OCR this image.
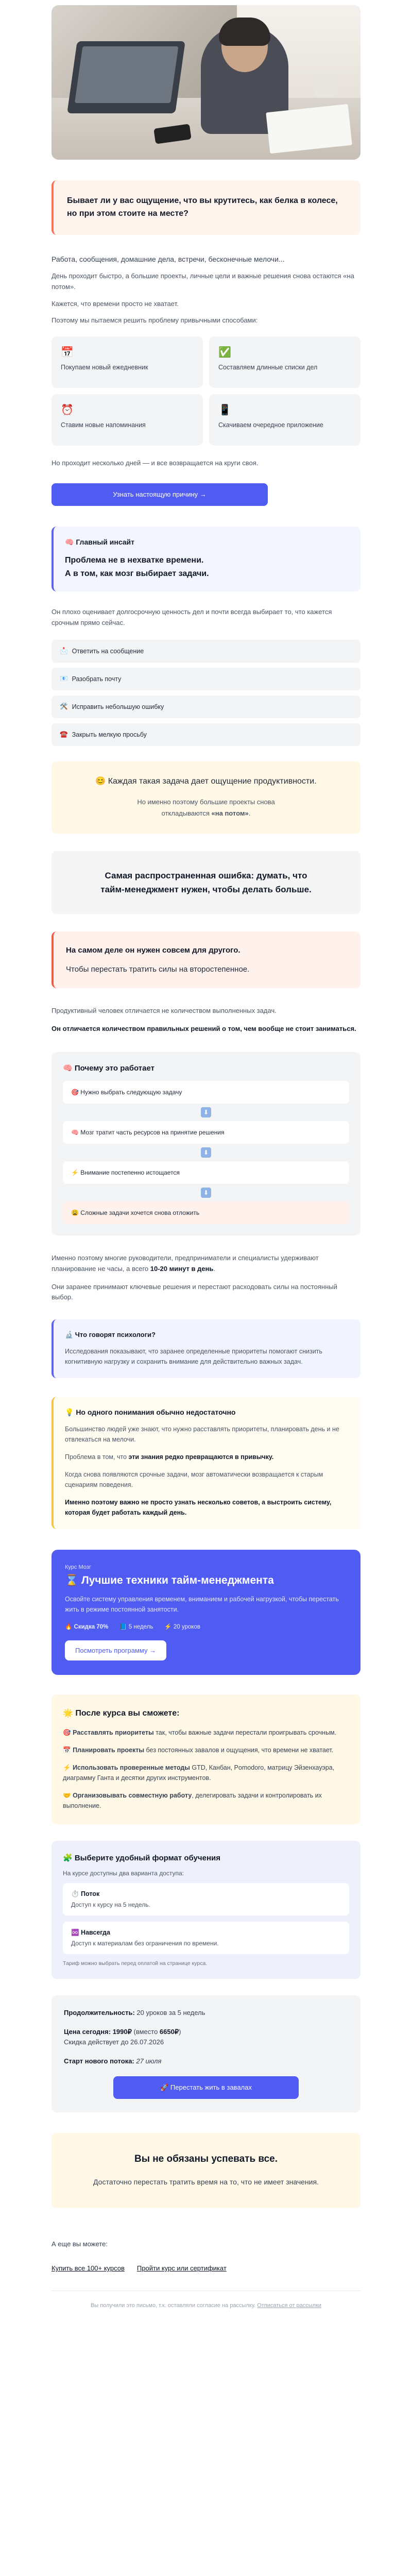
Бывает ли у вас ощущение, что вы крутитесь, как белка в колесе, но при этом стоите на месте?

Работа, сообщения, домашние дела, встречи, бесконечные мелочи...

День проходит быстро, а большие проекты, личные цели и важные решения снова остаются «на потом».

Кажется, что времени просто не хватает.

Поэтому мы пытаемся решить проблему привычными способами:

📅
Покупаем новый ежедневник
✅
Составляем длинные списки дел
⏰
Ставим новые напоминания
📱
Скачиваем очередное приложение

Но проходит несколько дней — и все возвращается на круги своя.

Узнать настоящую причину →
🧠 Главный инсайт
Проблема не в нехватке времени.
А в том, как мозг выбирает задачи.

Он плохо оценивает долгосрочную ценность дел и почти всегда выбирает то, что кажется срочным прямо сейчас.

📩 Ответить на сообщение
📧 Разобрать почту
🛠️ Исправить небольшую ошибку
☎️ Закрыть мелкую просьбу
😊 Каждая такая задача дает ощущение продуктивности.
Но именно поэтому большие проекты снова откладываются «на потом».
Самая распространенная ошибка: думать, что тайм-менеджмент нужен, чтобы делать больше.
На самом деле он нужен совсем для другого.
Чтобы перестать тратить силы на второстепенное.

Продуктивный человек отличается не количеством выполненных задач.

Он отличается количеством правильных решений о том, чем вообще не стоит заниматься.

🧠 Почему это работает
🎯 Нужно выбрать следующую задачу
⬇
🧠 Мозг тратит часть ресурсов на принятие решения
⬇
⚡ Внимание постепенно истощается
⬇
😩 Сложные задачи хочется снова отложить

Именно поэтому многие руководители, предприниматели и специалисты удерживают планирование не часы, а всего 10-20 минут в день.

Они заранее принимают ключевые решения и перестают расходовать силы на постоянный выбор.

🔬 Что говорят психологи?
Исследования показывают, что заранее определенные приоритеты помогают снизить когнитивную нагрузку и сохранить внимание для действительно важных задач.
💡 Но одного понимания обычно недостаточно

Большинство людей уже знают, что нужно расставлять приоритеты, планировать день и не отвлекаться на мелочи.

Проблема в том, что эти знания редко превращаются в привычку.

Когда снова появляются срочные задачи, мозг автоматически возвращается к старым сценариям поведения.

Именно поэтому важно не просто узнать несколько советов, а выстроить систему, которая будет работать каждый день.

Курс Мозг
⌛ Лучшие техники тайм-менеджмента
Освойте систему управления временем, вниманием и рабочей нагрузкой, чтобы перестать жить в режиме постоянной занятости.
🔥 Скидка 70% 📘 5 недель ⚡ 20 уроков
Посмотреть программу →
🌟 После курса вы сможете:

🎯 Расставлять приоритеты так, чтобы важные задачи перестали проигрывать срочным.

📅 Планировать проекты без постоянных завалов и ощущения, что времени не хватает.

⚡ Использовать проверенные методы GTD, Канбан, Pomodoro, матрицу Эйзенхауэра, диаграмму Ганта и десятки других инструментов.

🤝 Организовывать совместную работу, делегировать задачи и контролировать их выполнение.

🧩 Выберите удобный формат обучения
На курсе доступны два варианта доступа:
⏱️ Поток
Доступ к курсу на 5 недель.
♾️ Навсегда
Доступ к материалам без ограничения по времени.
Тариф можно выбрать перед оплатой на странице курса.
Продолжительность: 20 уроков за 5 недель
Цена сегодня: 1990₽ (вместо 6650₽)
Скидка действует до 26.07.2026
Старт нового потока: 27 июля
🚀 Перестать жить в завалах
Вы не обязаны успевать все.
Достаточно перестать тратить время на то, что не имеет значения.

А еще вы можете:

Купить все 100+ курсов Пройти курс или сертификат
Вы получили это письмо, т.к. оставляли согласие на рассылку. Отписаться от рассылки
